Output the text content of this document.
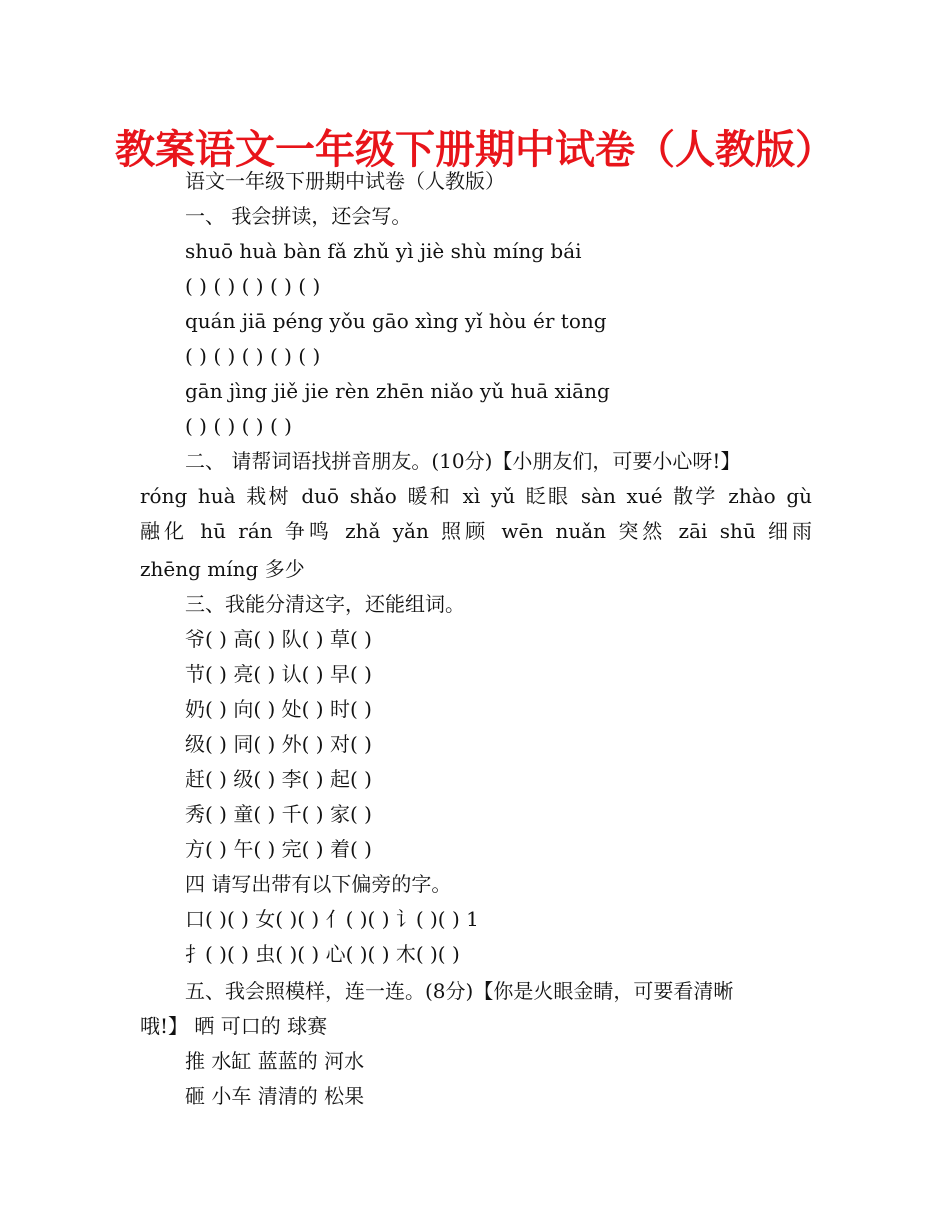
教案语文一年级下册期中试卷（人教版）
语文一年级下册期中试卷（人教版）
一、 我会拼读，还会写。
shuō huà bàn fǎ zhǔ yì jiè shù míng bái
( ) ( ) ( ) ( ) ( )
quán jiā péng yǒu gāo xìng yǐ hòu ér tong
( ) ( ) ( ) ( ) ( )
gān jìng jiě jie rèn zhēn niǎo yǔ huā xiāng
( ) ( ) ( ) ( )
二、 请帮词语找拼音朋友。(10分)【小朋友们，可要小心呀!】
róng huà 栽树 duō shǎo 暖和 xì yǔ 眨眼 sàn xué 散学 zhào gù
融化 hū rán 争鸣 zhǎ yǎn 照顾 wēn nuǎn 突然 zāi shū 细雨
zhēng míng 多少
三、我能分清这字，还能组词。
爷( ) 高( ) 队( ) 草( )
节( ) 亮( ) 认( ) 早( )
奶( ) 向( ) 处( ) 时( )
级( ) 同( ) 外( ) 对( )
赶( ) 级( ) 李( ) 起( )
秀( ) 童( ) 千( ) 家( )
方( ) 午( ) 完( ) 着( )
四 请写出带有以下偏旁的字。
口( )( ) 女( )( ) 亻( )( ) 讠( )( ) 1
扌( )( ) 虫( )( ) 心( )( ) 木( )( )
五、我会照模样，连一连。(8分)【你是火眼金睛，可要看清晰
哦!】 晒 可口的 球赛
推 水缸 蓝蓝的 河水
砸 小车 清清的 松果
